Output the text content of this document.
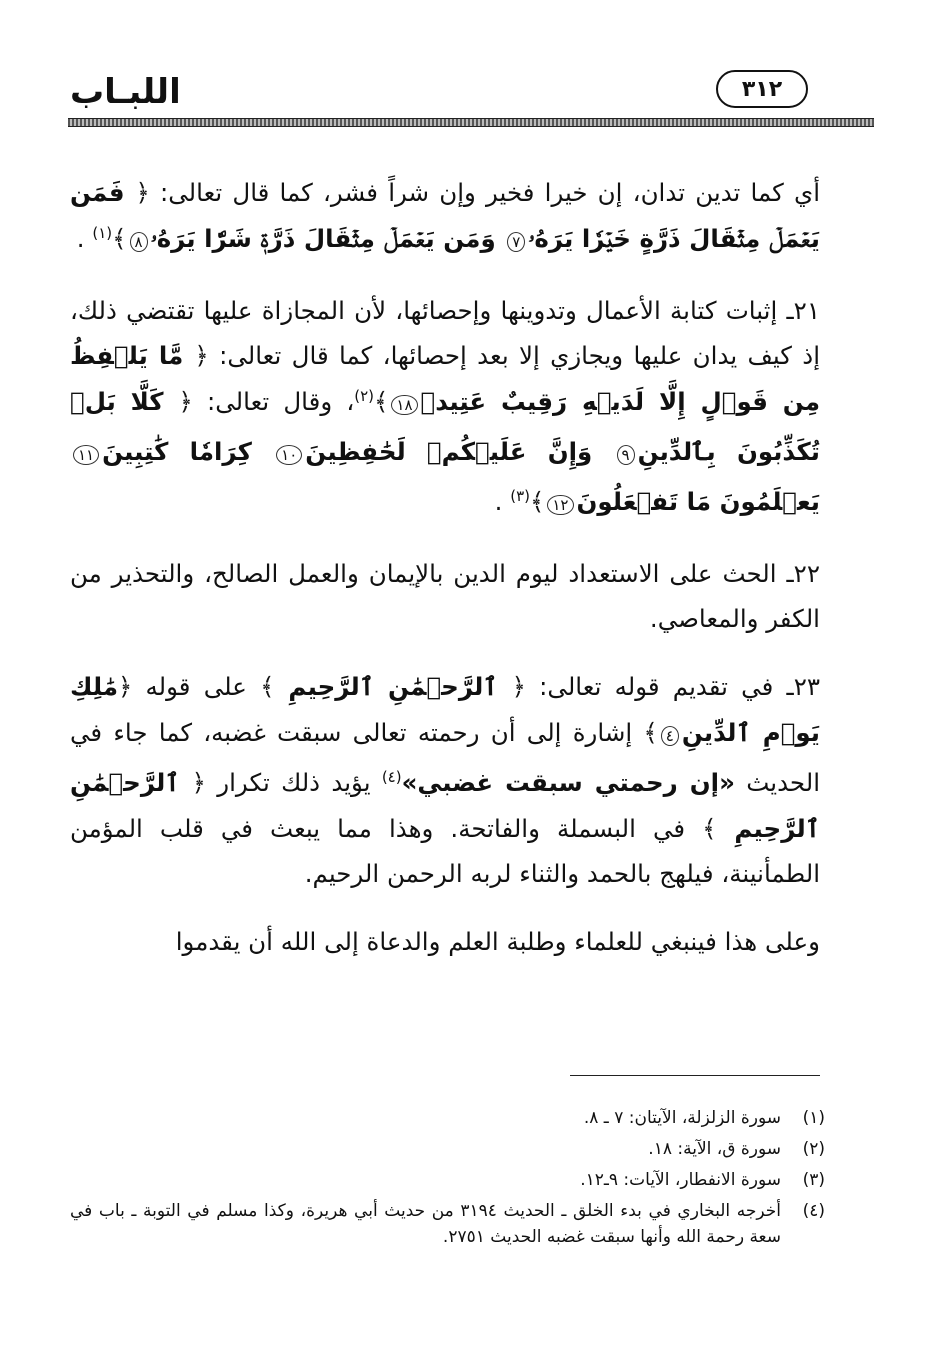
اللبـاب	٣١٢

أي كما تدين تدان، إن خيرا فخير وإن شراً فشر، كما قال تعالى: ﴿ فَمَن يَعۡمَلۡ مِثۡقَالَ ذَرَّةٍ خَيۡرٗا يَرَهُۥ٧ وَمَن يَعۡمَلۡ مِثۡقَالَ ذَرَّةٖ شَرّٗا يَرَهُۥ٨﴾$^{(١)}$ .

٢١ـ إثبات كتابة الأعمال وتدوينها وإحصائها، لأن المجازاة عليها تقتضي ذلك، إذ كيف يدان عليها ويجازي إلا بعد إحصائها، كما قال تعالى: ﴿ مَّا يَلۡفِظُ مِن قَوۡلٍ إِلَّا لَدَيۡهِ رَقِيبٌ عَتِيدٞ١٨﴾$^{(٢)}$، وقال تعالى: ﴿ كَلَّا بَلۡ تُكَذِّبُونَ بِٱلدِّينِ٩ وَإِنَّ عَلَيۡكُمۡ لَحَٰفِظِينَ١٠ كِرَامٗا كَٰتِبِينَ١١ يَعۡلَمُونَ مَا تَفۡعَلُونَ١٢﴾$^{(٣)}$ .

٢٢ـ الحث على الاستعداد ليوم الدين بالإيمان والعمل الصالح، والتحذير من الكفر والمعاصي.

٢٣ـ في تقديم قوله تعالى: ﴿ ٱلرَّحۡمَٰنِ ٱلرَّحِيمِ ﴾ على قوله ﴿مَٰلِكِ يَوۡمِ ٱلدِّينِ٤﴾ إشارة إلى أن رحمته تعالى سبقت غضبه، كما جاء في الحديث «إن رحمتي سبقت غضبي»$^{(٤)}$ يؤيد ذلك تكرار ﴿ ٱلرَّحۡمَٰنِ ٱلرَّحِيمِ ﴾ في البسملة والفاتحة. وهذا مما يبعث في قلب المؤمن الطمأنينة، فيلهج بالحمد والثناء لربه الرحمن الرحيم.

وعلى هذا فينبغي للعلماء وطلبة العلم والدعاة إلى الله أن يقدموا

(١)
سورة الزلزلة، الآيتان: ٧ ـ ٨.
(٢)
سورة ق، الآية: ١٨.
(٣)
سورة الانفطار، الآيات: ٩ـ١٢.
(٤)
أخرجه البخاري في بدء الخلق ـ الحديث ٣١٩٤ من حديث أبي هريرة، وكذا مسلم في التوبة ـ باب في سعة رحمة الله وأنها سبقت غضبه الحديث ٢٧٥١.
